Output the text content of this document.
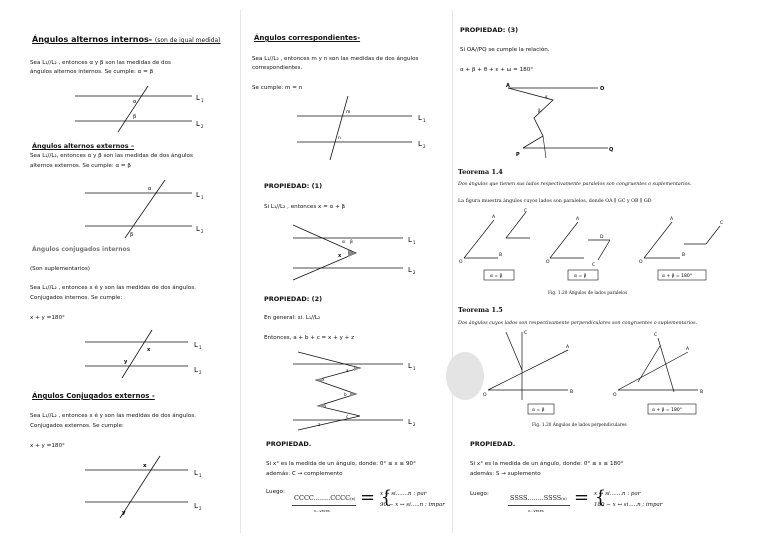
Ángulos alternos internos- (son de igual medida)
Sea L₁//L₂ , entonces α y β son las medidas de dos
ángulos alternos internos. Se cumple: α = β
L 1
L 2
α
β
Ángulos alternos externos –
Sea L₁//L₂, entonces α y β son las medidas de dos ángulos
alternos externos. Se cumple: α = β
L 1
L 2
α
β
Ángulos conjugados internos
(Son suplementarios)
Sea L₁//L₂ , entonces x é y son las medidas de dos ángulos.
Conjugados internos. Se cumple:
x + y =180°
L 1
L 2
x
y
Ángulos Conjugados externos -
Sea L₁//L₂ , entonces x é y son las medidas de dos ángulos.
Conjugados externos. Se cumple:
x + y =180°
L 1
L 2
x
y
Ángulos correspondientes-
Sea L₁//L₂ , entonces m y n son las medidas de dos ángulos
correspondientes.
Se cumple: m = n
L 1
L 2
m
n
PROPIEDAD: (1)
Si L₁//L₂ , entonces x = α + β
L 1
L 2
α β
x
PROPIEDAD: (2)
En general: si. L₁//L₂
Entonces, a + b + c = x + y + z
L 1
L 2
a
x
b
y
c
z
PROPIEDAD.
Si x° es la medida de un ángulo, donde: 0° ≤ x ≤ 90°
además: C → complemento
Luego:
CCCC........CCCC(x)
n...veces
= {
x ↔ si.......n : par
90 − x ↔ si.....n : impar
PROPIEDAD: (3)
Si OA//PQ se cumple la relación.
α + β + θ + ε + ω = 180°
A	O
P
Q
α
β
Teorema 1.4
Dos ángulos que tienen sus lados respectivamente paralelos son congruentes o suplementarios.
La figura muestra ángulos cuyos lados son paralelos, donde OA ∥ GC y OB ∥ GD
O
A
B
C
α = β
O
A
D
C
α = β
O
A
B
C
α + β = 180°
Fig. 1.20 Ángulos de lados paralelos
Teorema 1.5
Dos ángulos cuyos lados son respectivamente perpendiculares son congruentes o suplementarios.
O
A
B
C
α = β
O
A
B
C
α + β = 180°
Fig. 1.20 Ángulos de lados perpendiculares
PROPIEDAD.
Si x° es la medida de un ángulo, donde: 0° ≤ x ≤ 180°
además: S → suplemento
Luego:	SSSS........SSSS(x)
n...veces
= {
x ↔ si.......n : par
180 − x ↔ si.....n : impar
